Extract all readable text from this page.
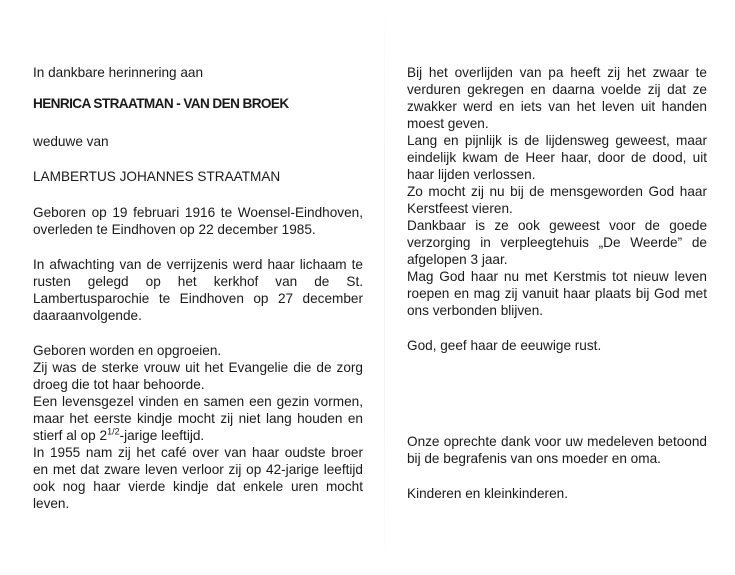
In dankbare herinnering aan

HENRICA STRAATMAN - VAN DEN BROEK

weduwe van

LAMBERTUS JOHANNES STRAATMAN

Geboren op 19 februari 1916 te Woensel-Eindhoven, overleden te Eindhoven op 22 december 1985.

In afwachting van de verrijzenis werd haar lichaam te rusten gelegd op het kerkhof van de St. Lambertusparochie te Eindhoven op 27 december daaraanvolgende.

Geboren worden en opgroeien.

Zij was de sterke vrouw uit het Evangelie die de zorg droeg die tot haar behoorde.

Een levensgezel vinden en samen een gezin vormen, maar het eerste kindje mocht zij niet lang houden en stierf al op $2^{1/2}$-jarige leeftijd.

In 1955 nam zij het café over van haar oudste broer en met dat zware leven verloor zij op 42-jarige leeftijd ook nog haar vierde kindje dat enkele uren mocht leven.

Bij het overlijden van pa heeft zij het zwaar te verduren gekregen en daarna voelde zij dat ze zwakker werd en iets van het leven uit handen moest geven.

Lang en pijnlijk is de lijdensweg geweest, maar eindelijk kwam de Heer haar, door de dood, uit haar lijden verlossen.

Zo mocht zij nu bij de mensgeworden God haar Kerstfeest vieren.

Dankbaar is ze ook geweest voor de goede verzorging in verpleegtehuis „De Weerde” de afgelopen 3 jaar.

Mag God haar nu met Kerstmis tot nieuw leven roepen en mag zij vanuit haar plaats bij God met ons verbonden blijven.

God, geef haar de eeuwige rust.

Onze oprechte dank voor uw medeleven betoond bij de begrafenis van ons moeder en oma.

Kinderen en kleinkinderen.
